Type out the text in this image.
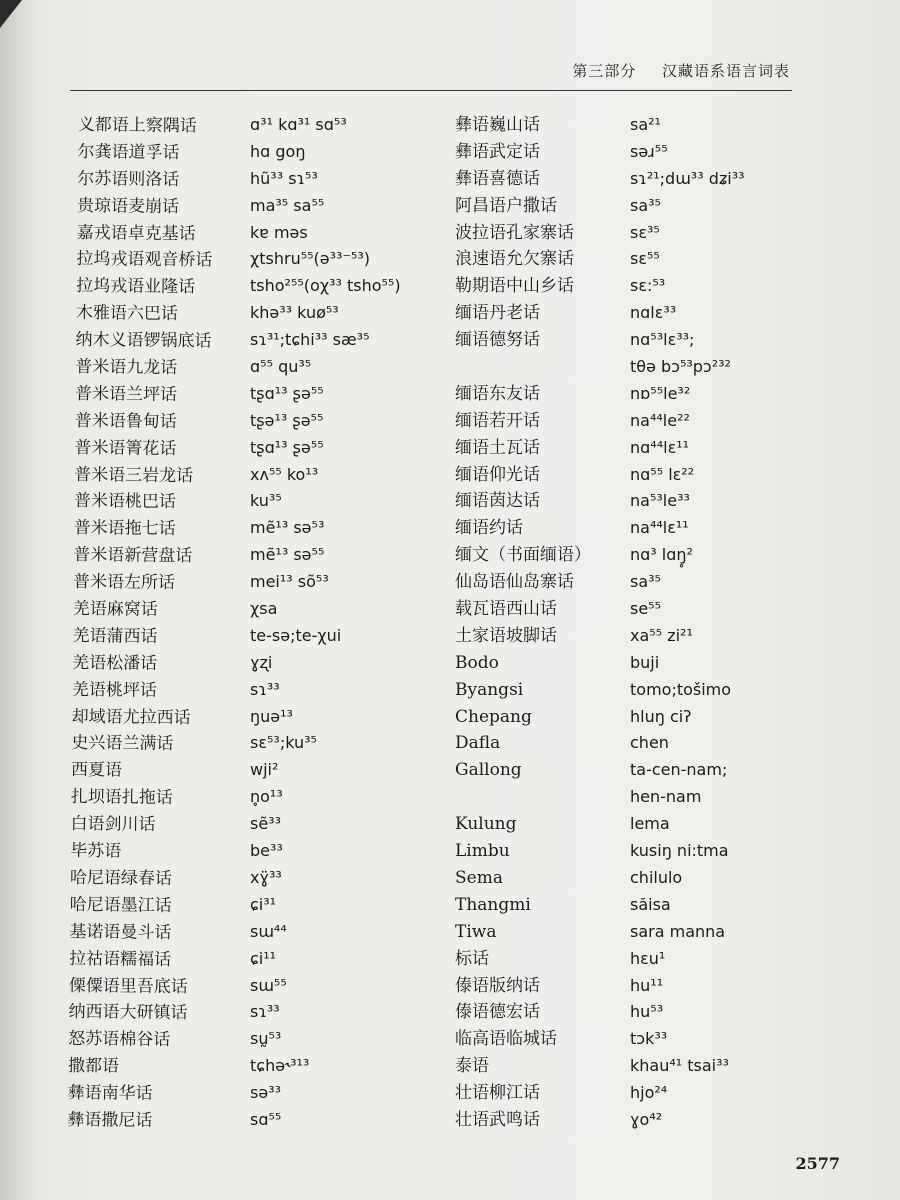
第三部分 汉藏语系语言词表
义都语上察隅话
尔龚语道孚话
尔苏语则洛话
贵琼语麦崩话
嘉戎语卓克基话
拉坞戎语观音桥话
拉坞戎语业隆话
木雅语六巴话
纳木义语锣锅底话
普米语九龙话
普米语兰坪话
普米语鲁甸话
普米语箐花话
普米语三岩龙话
普米语桃巴话
普米语拖七话
普米语新营盘话
普米语左所话
羌语麻窝话
羌语蒲西话
羌语松潘话
羌语桃坪话
却域语尤拉西话
史兴语兰满话
西夏语
扎坝语扎拖话
白语剑川话
毕苏语
哈尼语绿春话
哈尼语墨江话
基诺语曼斗话
拉祜语糯福话
傈僳语里吾底话
纳西语大研镇话
怒苏语棉谷话
撒都语
彝语南华话
彝语撒尼话
ɑ³¹ kɑ³¹ sɑ⁵³
hɑ goŋ
hũ³³ sɿ⁵³
ma³⁵ sa⁵⁵
kɐ məs
χtshru⁵⁵(ə³³⁻⁵³)
tsho²⁵⁵(oχ³³ tsho⁵⁵)
khə³³ kuø⁵³
sɿ³¹;tɕhi³³ sæ³⁵
ɑ⁵⁵ qu³⁵
tʂɑ¹³ ʂə⁵⁵
tʂə¹³ ʂə⁵⁵
tʂɑ¹³ ʂə⁵⁵
xʌ⁵⁵ ko¹³
ku³⁵
mẽ¹³ sə⁵³
mẽ¹³ sə⁵⁵
mei¹³ sõ⁵³
χsa
te-sə;te-χui
ɣʐi
sɿ³³
ŋuə¹³
sɛ⁵³;ku³⁵
wji²
n̥o¹³
sẽ³³
be³³
xɣ̈³³
ɕi³¹
sɯ⁴⁴
ɕi¹¹
sɯ⁵⁵
sɿ³³
sṵ⁵³
tɕhə˞³¹³
sə³³
sɑ⁵⁵
彝语巍山话
彝语武定话
彝语喜德话
阿昌语户撒话
波拉语孔家寨话
浪速语允欠寨话
勒期语中山乡话
缅语丹老话
缅语德努话
缅语东友话
缅语若开话
缅语土瓦话
缅语仰光话
缅语茵达话
缅语约话
缅文（书面缅语）
仙岛语仙岛寨话
载瓦语西山话
土家语坡脚话
Bodo
Byangsi
Chepang
Dafla
Gallong
Kulung
Limbu
Sema
Thangmi
Tiwa
标话
傣语版纳话
傣语德宏话
临高语临城话
泰语
壮语柳江话
壮语武鸣话
sa²¹
səɹ⁵⁵
sɿ²¹;dɯ³³ dʑi³³
sa³⁵
sɛ³⁵
sɛ⁵⁵
sɛ:⁵³
nɑlɛ³³
nɑ⁵³lɛ³³;
tθə bɔ⁵³pɔ²³²
nɒ⁵⁵le³²
na⁴⁴le²²
nɑ⁴⁴lɛ¹¹
nɑ⁵⁵ lɛ²²
na⁵³le³³
na⁴⁴lɛ¹¹
nɑ³ lɑŋ̥²
sa³⁵
se⁵⁵
xa⁵⁵ zi²¹
buji
tomo;tošimo
hluŋ ciʔ
chen
ta-cen-nam;
hen-nam
lema
kusiŋ ni:tma
chilulo
săisa
sara manna
hɛu¹
hu¹¹
hu⁵³
tɔk³³
khau⁴¹ tsai³³
hjo²⁴
ɣo⁴²
2577
